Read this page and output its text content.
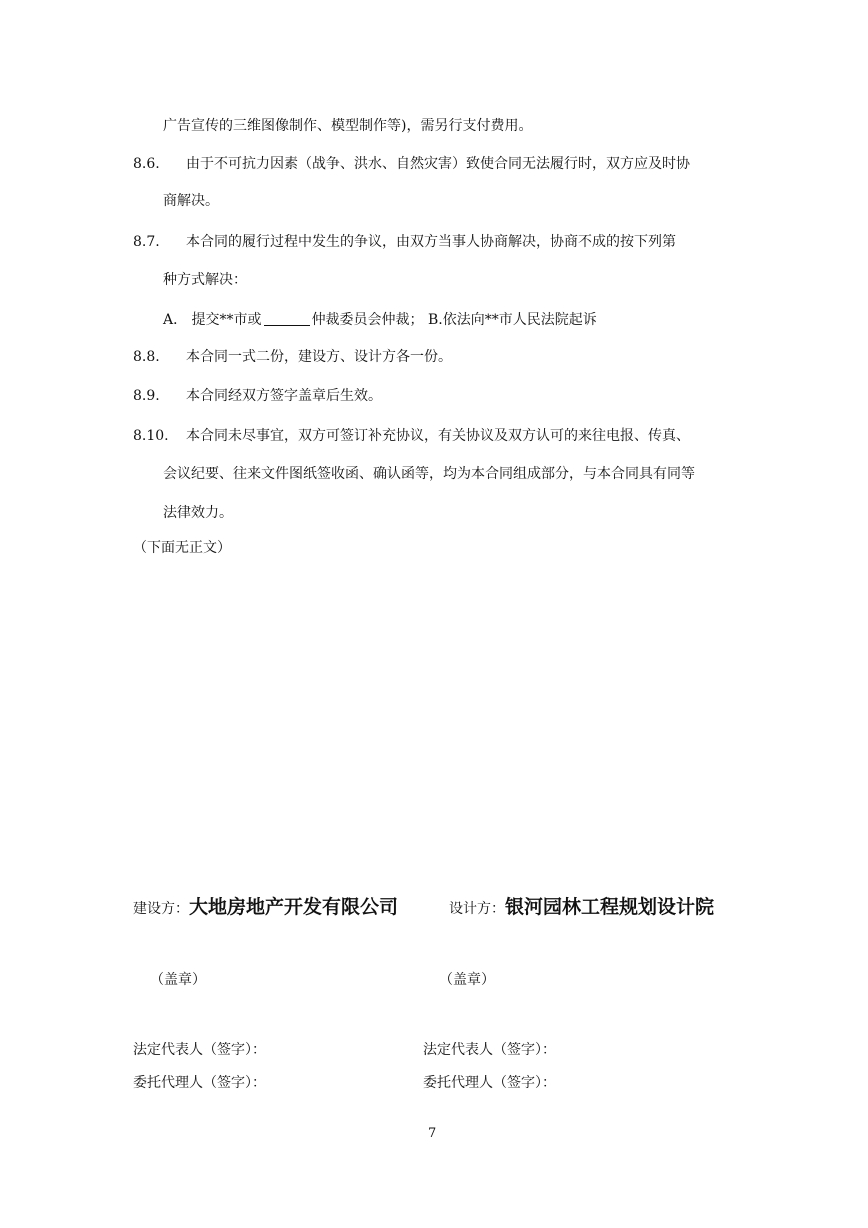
广告宣传的三维图像制作、模型制作等)，需另行支付费用。
8.6. 由于不可抗力因素（战争、洪水、自然灾害）致使合同无法履行时，双方应及时协
商解决。
8.7. 本合同的履行过程中发生的争议，由双方当事人协商解决，协商不成的按下列第
种方式解决：
A． 提交**市或	仲裁委员会仲裁； B.依法向**市人民法院起诉
8.8. 本合同一式二份，建设方、设计方各一份。
8.9. 本合同经双方签字盖章后生效。
8.10. 本合同未尽事宜，双方可签订补充协议，有关协议及双方认可的来往电报、传真、
会议纪要、往来文件图纸签收函、确认函等，均为本合同组成部分，与本合同具有同等
法律效力。
（下面无正文）
建设方：大地房地产开发有限公司	设计方：银河园林工程规划设计院
（盖章）	（盖章）
法定代表人（签字）：	法定代表人（签字）：
委托代理人（签字）：	委托代理人（签字）：
7
